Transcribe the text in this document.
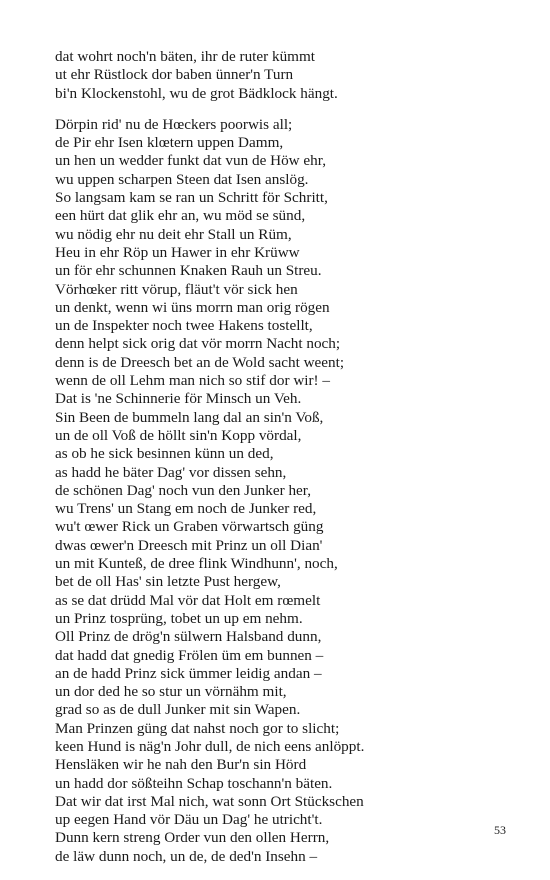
dat wohrt noch'n bäten, ihr de ruter kümmt
ut ehr Rüstlock dor baben ünner'n Turn
bi'n Klockenstohl, wu de grot Bädklock hängt.
Dörpin rid' nu de Hœckers poorwis all;
de Pir ehr Isen klœtern uppen Damm,
un hen un wedder funkt dat vun de Höw ehr,
wu uppen scharpen Steen dat Isen anslög.
So langsam kam se ran un Schritt för Schritt,
een hürt dat glik ehr an, wu möd se sünd,
wu nödig ehr nu deit ehr Stall un Rüm,
Heu in ehr Röp un Hawer in ehr Krüww
un för ehr schunnen Knaken Rauh un Streu.
Vörhœker ritt vörup, fläut't vör sick hen
un denkt, wenn wi üns morrn man orig rögen
un de Inspekter noch twee Hakens tostellt,
denn helpt sick orig dat vör morrn Nacht noch;
denn is de Dreesch bet an de Wold sacht weent;
wenn de oll Lehm man nich so stif dor wir! –
Dat is 'ne Schinnerie för Minsch un Veh.
Sin Been de bummeln lang dal an sin'n Voß,
un de oll Voß de höllt sin'n Kopp vördal,
as ob he sick besinnen künn un ded,
as hadd he bäter Dag' vor dissen sehn,
de schönen Dag' noch vun den Junker her,
wu Trens' un Stang em noch de Junker red,
wu't œwer Rick un Graben vörwartsch güng
dwas œwer'n Dreesch mit Prinz un oll Dian'
un mit Kunteß, de dree flink Windhunn', noch,
bet de oll Has' sin letzte Pust hergew,
as se dat drüdd Mal vör dat Holt em rœmelt
un Prinz tosprüng, tobet un up em nehm.
Oll Prinz de drög'n sülwern Halsband dunn,
dat hadd dat gnedig Frölen üm em bunnen –
an de hadd Prinz sick ümmer leidig andan –
un dor ded he so stur un vörnähm mit,
grad so as de dull Junker mit sin Wapen.
Man Prinzen güng dat nahst noch gor to slicht;
keen Hund is näg'n Johr dull, de nich eens anlöppt.
Hensläken wir he nah den Bur'n sin Hörd
un hadd dor sößteihn Schap toschann'n bäten.
Dat wir dat irst Mal nich, wat sonn Ort Stückschen
up eegen Hand vör Däu un Dag' he utricht't.
Dunn kern streng Order vun den ollen Herrn,
de läw dunn noch, un de, de ded'n Insehn –
53
